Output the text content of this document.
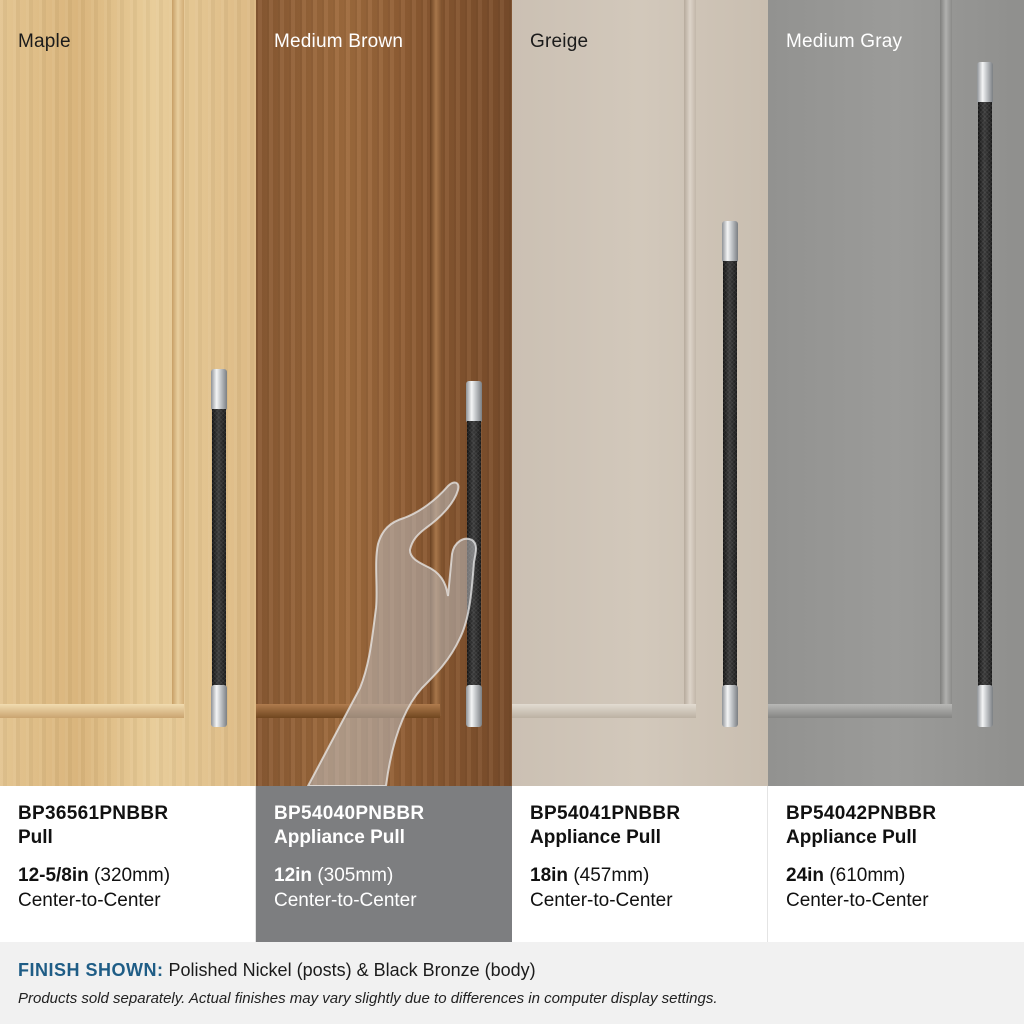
Maple	Medium Brown	Greige	Medium Gray
BP36561PNBBR
Pull
12-5/8in (320mm)
Center-to-Center
BP54040PNBBR
Appliance Pull
12in (305mm)
Center-to-Center
BP54041PNBBR
Appliance Pull
18in (457mm)
Center-to-Center
BP54042PNBBR
Appliance Pull
24in (610mm)
Center-to-Center
FINISH SHOWN: Polished Nickel (posts) & Black Bronze (body)
Products sold separately. Actual finishes may vary slightly due to differences in computer display settings.
